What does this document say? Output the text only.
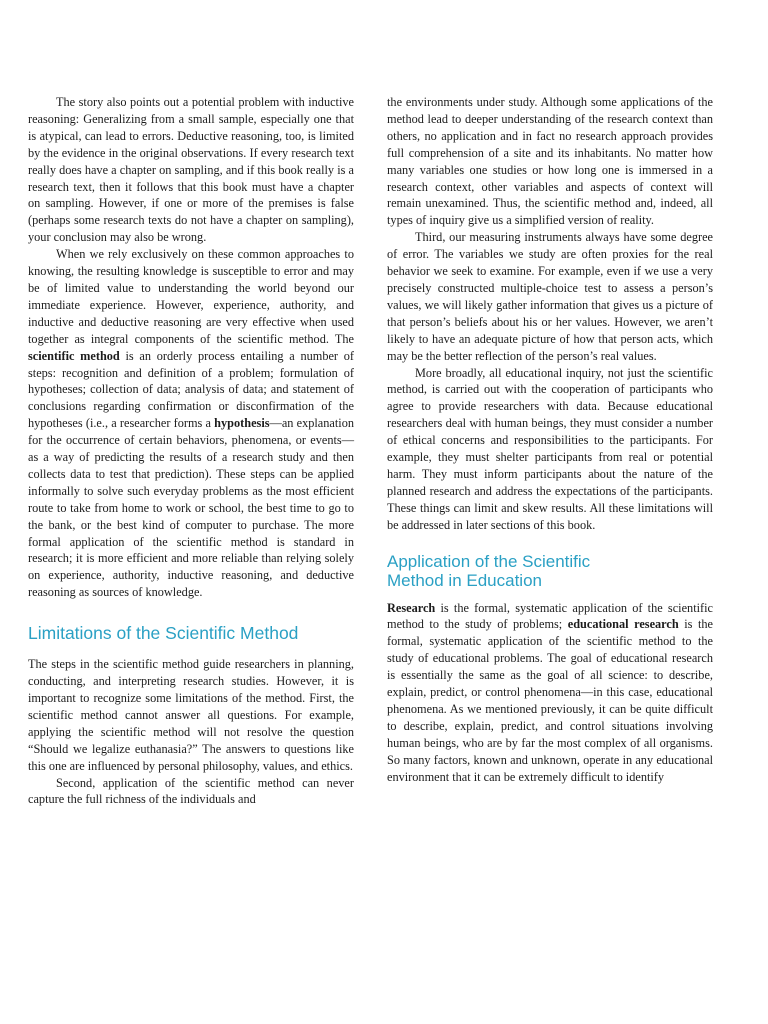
The story also points out a potential problem with inductive reasoning: Generalizing from a small sample, especially one that is atypical, can lead to errors. Deductive reasoning, too, is limited by the evidence in the original observations. If every research text really does have a chapter on sampling, and if this book really is a research text, then it follows that this book must have a chapter on sampling. However, if one or more of the premises is false (perhaps some research texts do not have a chapter on sampling), your conclusion may also be wrong.

When we rely exclusively on these common approaches to knowing, the resulting knowledge is susceptible to error and may be of limited value to understanding the world beyond our immediate experience. However, experience, authority, and inductive and deductive reasoning are very effective when used together as integral components of the scientific method. The scientific method is an orderly process entailing a number of steps: recognition and definition of a problem; formulation of hypotheses; collection of data; analysis of data; and statement of conclusions regarding confirmation or disconfirmation of the hypotheses (i.e., a researcher forms a hypothesis—an explanation for the occurrence of certain behaviors, phenomena, or events—as a way of predicting the results of a research study and then collects data to test that prediction). These steps can be applied informally to solve such everyday problems as the most efficient route to take from home to work or school, the best time to go to the bank, or the best kind of computer to purchase. The more formal application of the scientific method is standard in research; it is more efficient and more reliable than relying solely on experience, authority, inductive reasoning, and deductive reasoning as sources of knowledge.

Limitations of the Scientific Method

The steps in the scientific method guide researchers in planning, conducting, and interpreting research studies. However, it is important to recognize some limitations of the method. First, the scientific method cannot answer all questions. For example, applying the scientific method will not resolve the question “Should we legalize euthanasia?” The answers to questions like this one are influenced by personal philosophy, values, and ethics.

Second, application of the scientific method can never capture the full richness of the individuals and

the environments under study. Although some applications of the method lead to deeper understanding of the research context than others, no application and in fact no research approach provides full comprehension of a site and its inhabitants. No matter how many variables one studies or how long one is immersed in a research context, other variables and aspects of context will remain unexamined. Thus, the scientific method and, indeed, all types of inquiry give us a simplified version of reality.

Third, our measuring instruments always have some degree of error. The variables we study are often proxies for the real behavior we seek to examine. For example, even if we use a very precisely constructed multiple-choice test to assess a person’s values, we will likely gather information that gives us a picture of that person’s beliefs about his or her values. However, we aren’t likely to have an adequate picture of how that person acts, which may be the better reflection of the person’s real values.

More broadly, all educational inquiry, not just the scientific method, is carried out with the cooperation of participants who agree to provide researchers with data. Because educational researchers deal with human beings, they must consider a number of ethical concerns and responsibilities to the participants. For example, they must shelter participants from real or potential harm. They must inform participants about the nature of the planned research and address the expectations of the participants. These things can limit and skew results. All these limitations will be addressed in later sections of this book.

Application of the Scientific
Method in Education

Research is the formal, systematic application of the scientific method to the study of problems; educational research is the formal, systematic application of the scientific method to the study of educational problems. The goal of educational research is essentially the same as the goal of all science: to describe, explain, predict, or control phenomena—in this case, educational phenomena. As we mentioned previously, it can be quite difficult to describe, explain, predict, and control situations involving human beings, who are by far the most complex of all organisms. So many factors, known and unknown, operate in any educational environment that it can be extremely difficult to identify
